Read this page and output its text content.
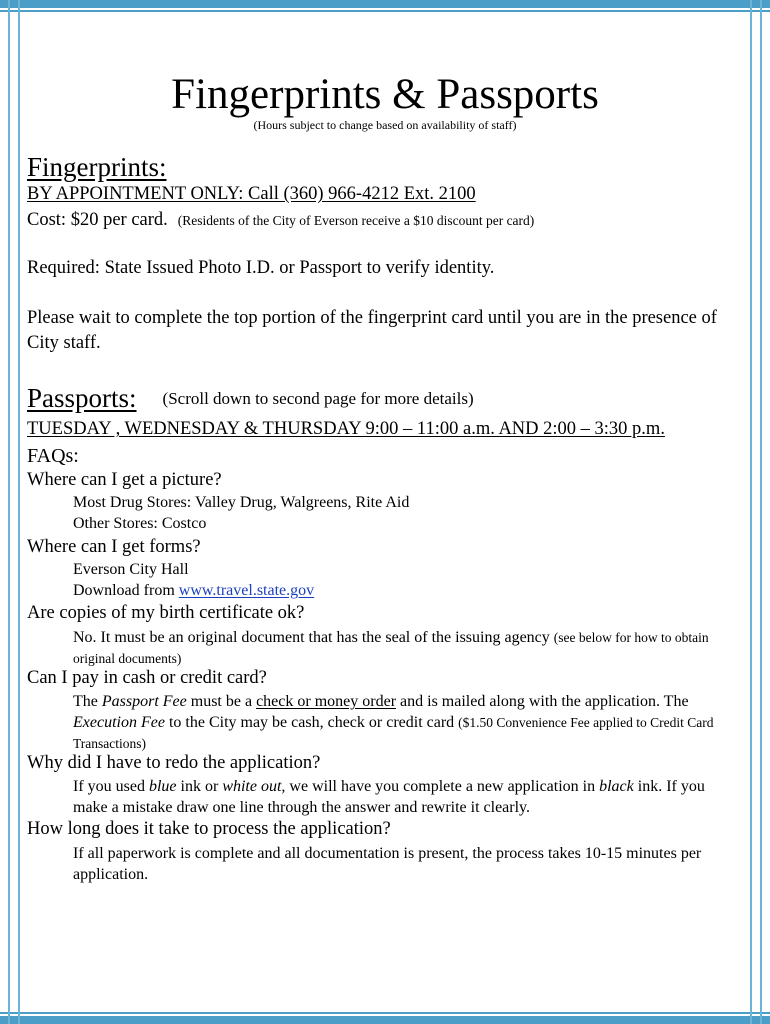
Fingerprints & Passports
(Hours subject to change based on availability of staff)
Fingerprints:
BY APPOINTMENT ONLY: Call (360) 966-4212 Ext. 2100
Cost: $20 per card. (Residents of the City of Everson receive a $10 discount per card)
Required: State Issued Photo I.D. or Passport to verify identity.
Please wait to complete the top portion of the fingerprint card until you are in the presence of City staff.
Passports: (Scroll down to second page for more details)
TUESDAY , WEDNESDAY & THURSDAY 9:00 – 11:00 a.m. AND 2:00 – 3:30 p.m.
FAQs:
Where can I get a picture?
Most Drug Stores: Valley Drug, Walgreens, Rite Aid
Other Stores: Costco
Where can I get forms?
Everson City Hall
Download from www.travel.state.gov
Are copies of my birth certificate ok?
No. It must be an original document that has the seal of the issuing agency (see below for how to obtain original documents)
Can I pay in cash or credit card?
The Passport Fee must be a check or money order and is mailed along with the application. The Execution Fee to the City may be cash, check or credit card ($1.50 Convenience Fee applied to Credit Card Transactions)
Why did I have to redo the application?
If you used blue ink or white out, we will have you complete a new application in black ink. If you make a mistake draw one line through the answer and rewrite it clearly.
How long does it take to process the application?
If all paperwork is complete and all documentation is present, the process takes 10-15 minutes per application.
